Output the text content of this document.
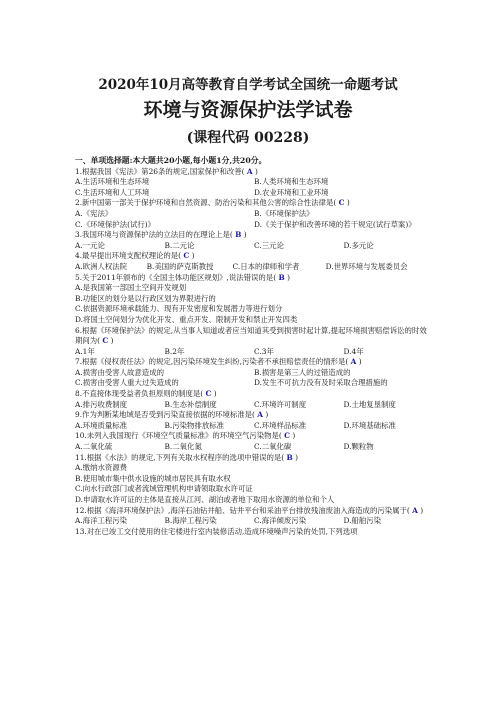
2020年10月高等教育自学考试全国统一命题考试
环境与资源保护法学试卷
(课程代码 00228)
一、单项选择题:本大题共20小题,每小题1分,共20分。
1.根据我国《宪法》第26条的规定,国家保护和改善( A )
A.生活环境和生态环境	B.人类环境和生态环境
C.生活环境和人工环境	D.农业环境和工业环境
2.新中国第一部关于保护环境和自然资源、防治污染和其他公害的综合性法律是( C )
A.《宪法》	B.《环境保护法》
C.《环境保护法(试行)》	D.《关于保护和改善环境的若干规定(试行草案)》
3.我国环境与资源保护法的立法目的在理论上是( B )
A.一元论	B.二元论	C.三元论	D.多元论
4.最早提出环境支配权理论的是( C )
A.欧洲人权法院	B.美国的萨克斯教授	C.日本的律师和学者	D.世界环境与发展委员会
5.关于2011年颁布的《全国主体功能区规划》,说法错误的是( B )
A.是我国第一部国土空间开发规划
B.功能区的划分是以行政区划为界限进行的
C.依据资源环境承载能力、现有开发密度和发展潜力等进行划分
D.将国土空间划分为优化开发、重点开发、限制开发和禁止开发四类
6.根据《环境保护法》的规定,从当事人知道或者应当知道其受到损害时起计算,提起环境损害赔偿诉讼的时效期间为( C )
A.1年	B.2年	C.3年	D.4年
7.根据《侵权责任法》的规定,因污染环境发生纠纷,污染者不承担赔偿责任的情形是( A )
A.损害由受害人故意造成的	B.损害是第三人的过错造成的
C.损害由受害人重大过失造成的	D.发生不可抗力没有及时采取合理措施的
8.不直接体现受益者负担原则的制度是( C )
A.排污收费制度	B.生态补偿制度	C.环境许可制度	D.土地复垦制度
9.作为判断某地域是否受到污染直接依据的环境标准是( A )
A.环境质量标准	B.污染物排放标准	C.环境样品标准	D.环境基础标准
10.未列入我国现行《环境空气质量标准》的环境空气污染物是( C )
A.二氧化硫	B.二氧化氮	C.二氧化碳	D.颗粒物
11.根据《水法》的规定,下列有关取水权程序的选项中错误的是( B )
A.缴纳水资源费
B.使用城市集中供水设施的城市居民具有取水权
C.向水行政部门或者流域管理机构申请领取取水许可证
D.申请取水许可证的主体是直接从江河、湖泊或者地下取用水资源的单位和个人
12.根据《海洋环境保护法》,海洋石油钻井船、钻井平台和采油平台排放残油废油入海造成的污染属于( A )
A.海洋工程污染	B.海岸工程污染	C.海洋倾废污染	D.船舶污染
13.对在已竣工交付使用的住宅楼进行室内装修活动,造成环境噪声污染的处罚,下列选项
